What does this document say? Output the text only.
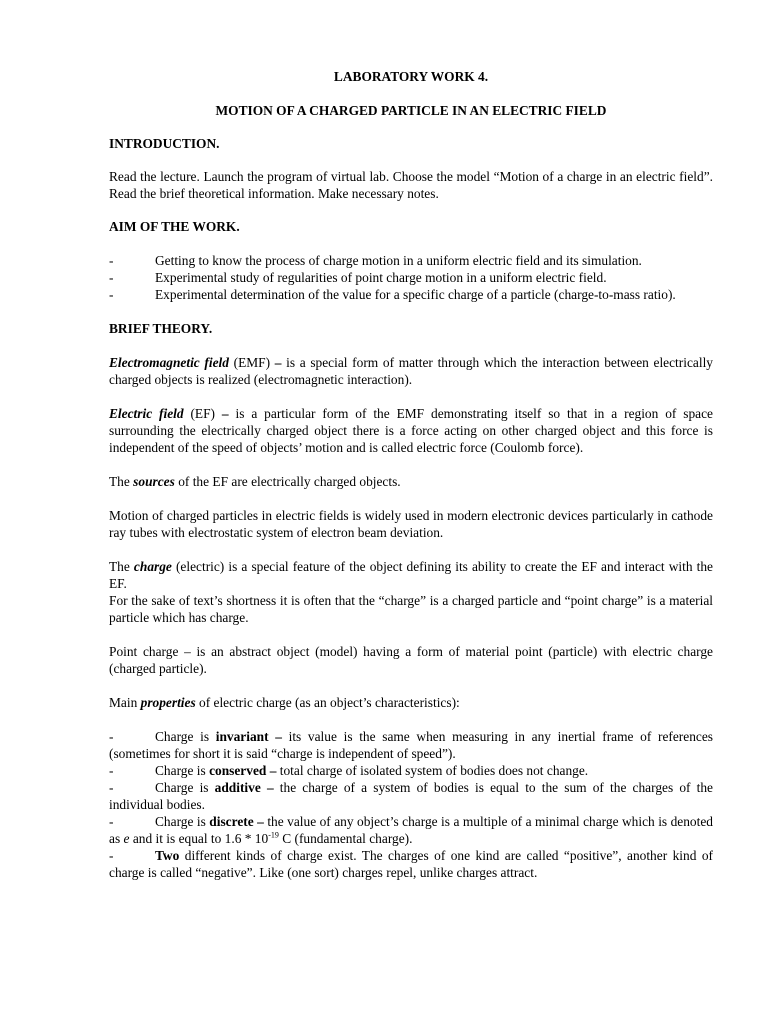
LABORATORY WORK 4.

MOTION OF A CHARGED PARTICLE IN AN ELECTRIC FIELD

INTRODUCTION.

Read the lecture. Launch the program of virtual lab. Choose the model “Motion of a charge in an electric field”. Read the brief theoretical information. Make necessary notes.

AIM OF THE WORK.
-	Getting to know the process of charge motion in a uniform electric field and its simulation.
-	Experimental study of regularities of point charge motion in a uniform electric field.
-	Experimental determination of the value for a specific charge of a particle (charge-to-mass ratio).
BRIEF THEORY.

Electromagnetic field (EMF) – is a special form of matter through which the interaction between electrically charged objects is realized (electromagnetic interaction).

Electric field (EF) – is a particular form of the EMF demonstrating itself so that in a region of space surrounding the electrically charged object there is a force acting on other charged object and this force is independent of the speed of objects’ motion and is called electric force (Coulomb force).

The sources of the EF are electrically charged objects.

Motion of charged particles in electric fields is widely used in modern electronic devices particularly in cathode ray tubes with electrostatic system of electron beam deviation.

The charge (electric) is a special feature of the object defining its ability to create the EF and interact with the EF.

For the sake of text’s shortness it is often that the “charge” is a charged particle and “point charge” is a material particle which has charge.

Point charge – is an abstract object (model) having a form of material point (particle) with electric charge (charged particle).

Main properties of electric charge (as an object’s characteristics):

-	Charge is invariant – its value is the same when measuring in any inertial frame of references (sometimes for short it is said “charge is independent of speed”).
-	Charge is conserved – total charge of isolated system of bodies does not change.
-	Charge is additive – the charge of a system of bodies is equal to the sum of the charges of the individual bodies.
-	Charge is discrete – the value of any object’s charge is a multiple of a minimal charge which is denoted as e and it is equal to $1.6 * 10^{-19}$ C (fundamental charge).
-	Two different kinds of charge exist. The charges of one kind are called “positive”, another kind of charge is called “negative”. Like (one sort) charges repel, unlike charges attract.
